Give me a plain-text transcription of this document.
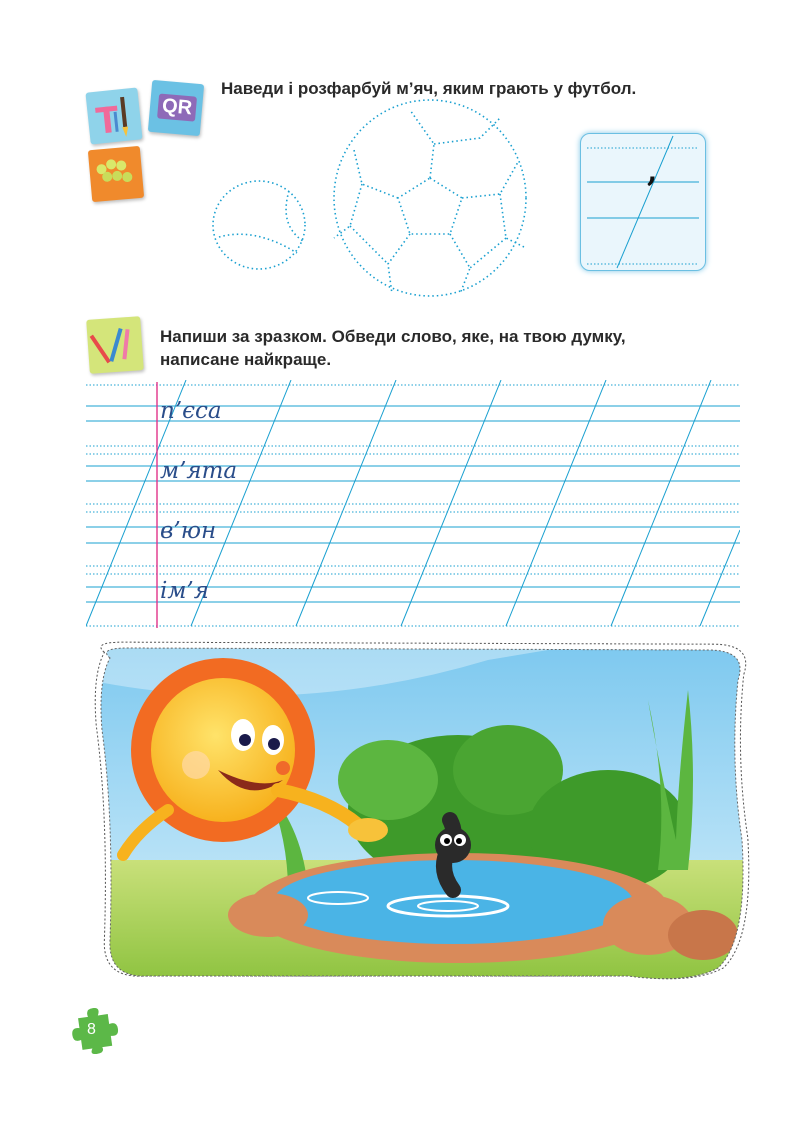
QR
Наведи і розфарбуй м’яч, яким грають у футбол.
,
Напиши за зразком. Обведи слово, яке, на твою думку,
написане найкраще.
п’єса
м’ята
в’юн
ім’я
8
